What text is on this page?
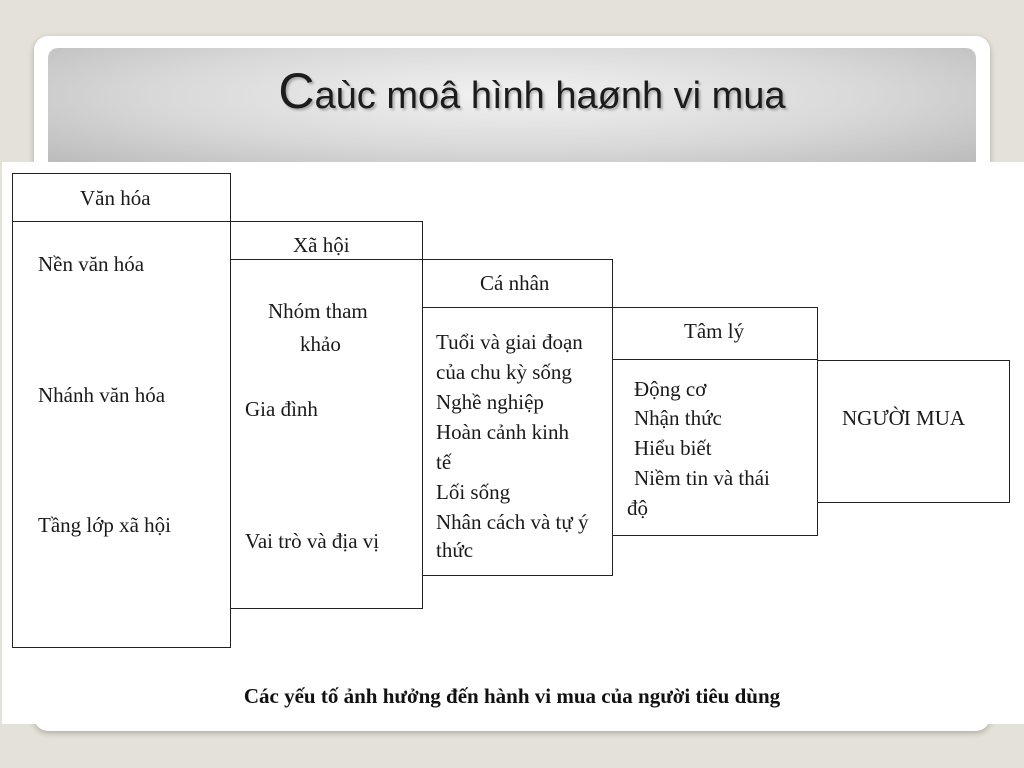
Caùc moâ hình haønh vi mua
Văn hóa
Nền văn hóa
Nhánh văn hóa
Tầng lớp xã hội
Xã hội
Nhóm tham
khảo
Gia đình
Vai trò và địa vị
Cá nhân
Tuổi và giai đoạn
của chu kỳ sống
Nghề nghiệp
Hoàn cảnh kinh
tế
Lối sống
Nhân cách và tự ý
thức
Tâm lý
Động cơ
Nhận thức
Hiểu biết
Niềm tin và thái
độ
NGƯỜI MUA
Các yếu tố ảnh hưởng đến hành vi mua của người tiêu dùng
